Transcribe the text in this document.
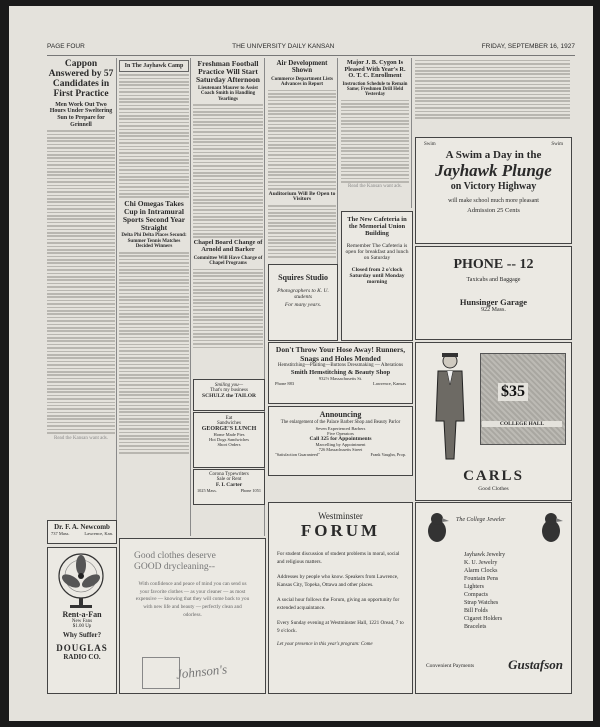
PAGE FOUR	THE UNIVERSITY DAILY KANSAN	FRIDAY, SEPTEMBER 16, 1927
Cappon Answered by 57 Candidates in First Practice
Men Work Out Two Hours Under Sweltering Sun to Prepare for Grinnell
Read the Kansan want ads.
Dr. F. A. Newcomb
737 Mass.	Lawrence, Kan.
Rent-a-Fan
New Fans
$1.00 Up
Why Suffer?
DOUGLAS
RADIO CO.
In The Jayhawk Camp
Chi Omegas Takes Cup in Intramural Sports Second Year Straight
Delta Phi Delta Places Second: Summer Tennis Matches Decided Winners
Freshman Football Practice Will Start Saturday Afternoon
Lieutenant Maurer to Assist Coach Smith in Handling Yearlings
Chapel Board Change of Arnold and Barker
Committee Will Have Charge of Chapel Programs
Smiling you—
That's my business
SCHULZ the TAILOR
Eat
Sandwiches
GEORGE'S LUNCH
Home Made Pies
Hot Dogs Sandwiches
Short Orders
Corona Typewriters
Sale or Rent
F. I. Carter
1025 Mass.	Phone 1051
Air Development Shown
Commerce Department Lists Advances in Report
Auditorium Will Be Open to Visitors
Major J. B. Cygon Is Pleased With Year's R. O. T. C. Enrollment
Instruction Schedule to Remain Same; Freshmen Drill Held Yesterday
Read the Kansan want ads.
The New Cafeteria in the Memorial Union Building
Remember The Cafeteria is open for breakfast and lunch on Saturday
Closed from 2 o'clock Saturday until Monday morning
Squires Studio
Photographers to K. U. students
For many years.
Swim	Swim
A Swim a Day in the
Jayhawk Plunge
on Victory Highway
will make school much more pleasant
Admission 25 Cents
PHONE -- 12
Taxicabs and Baggage
Hunsinger Garage
922 Mass.
Don't Throw Your Hose Away! Runners, Snags and Holes Mended
Hemstitching—Plaiting—Buttons Dressmaking — Alterations
Smith Hemstitching & Beauty Shop
932½ Massachusetts St.
Phone 883	Lawrence, Kansas
Announcing
The enlargement of the Palace Barber Shop and Beauty Parlor
Seven Experienced Barbers
Five Operators
Call 325 for Appointments
Marcelling by Appointment
726 Massachusetts Street
"Satisfaction Guaranteed"	Frank Vaughn, Prop.
$35
COLLEGE HALL
CARLS
Good Clothes
Good clothes deserve GOOD drycleaning--
With confidence and peace of mind you can send us your favorite clothes — as your cleaner — as most expensive — knowing that they will come back to you with new life and beauty — perfectly clean and odorless.
Johnson's
Westminster
FORUM
For student discussion of student problems in moral, social and religious matters.
Addresses by people who know. Speakers from Lawrence, Kansas City, Topeka, Ottawa and other places.
A social hour follows the Forum, giving an opportunity for extended acquaintance.
Every Sunday evening at Westminster Hall, 1221 Oread, 7 to 9 o'clock.
Let your presence in this year's program: Come
The College Jeweler
Jayhawk Jewelry
K. U. Jewelry
Alarm Clocks
Fountain Pens
Lighters
Compacts
Strap Watches
Bill Folds
Cigaret Holders
Bracelets
Convenient Payments	Gustafson
